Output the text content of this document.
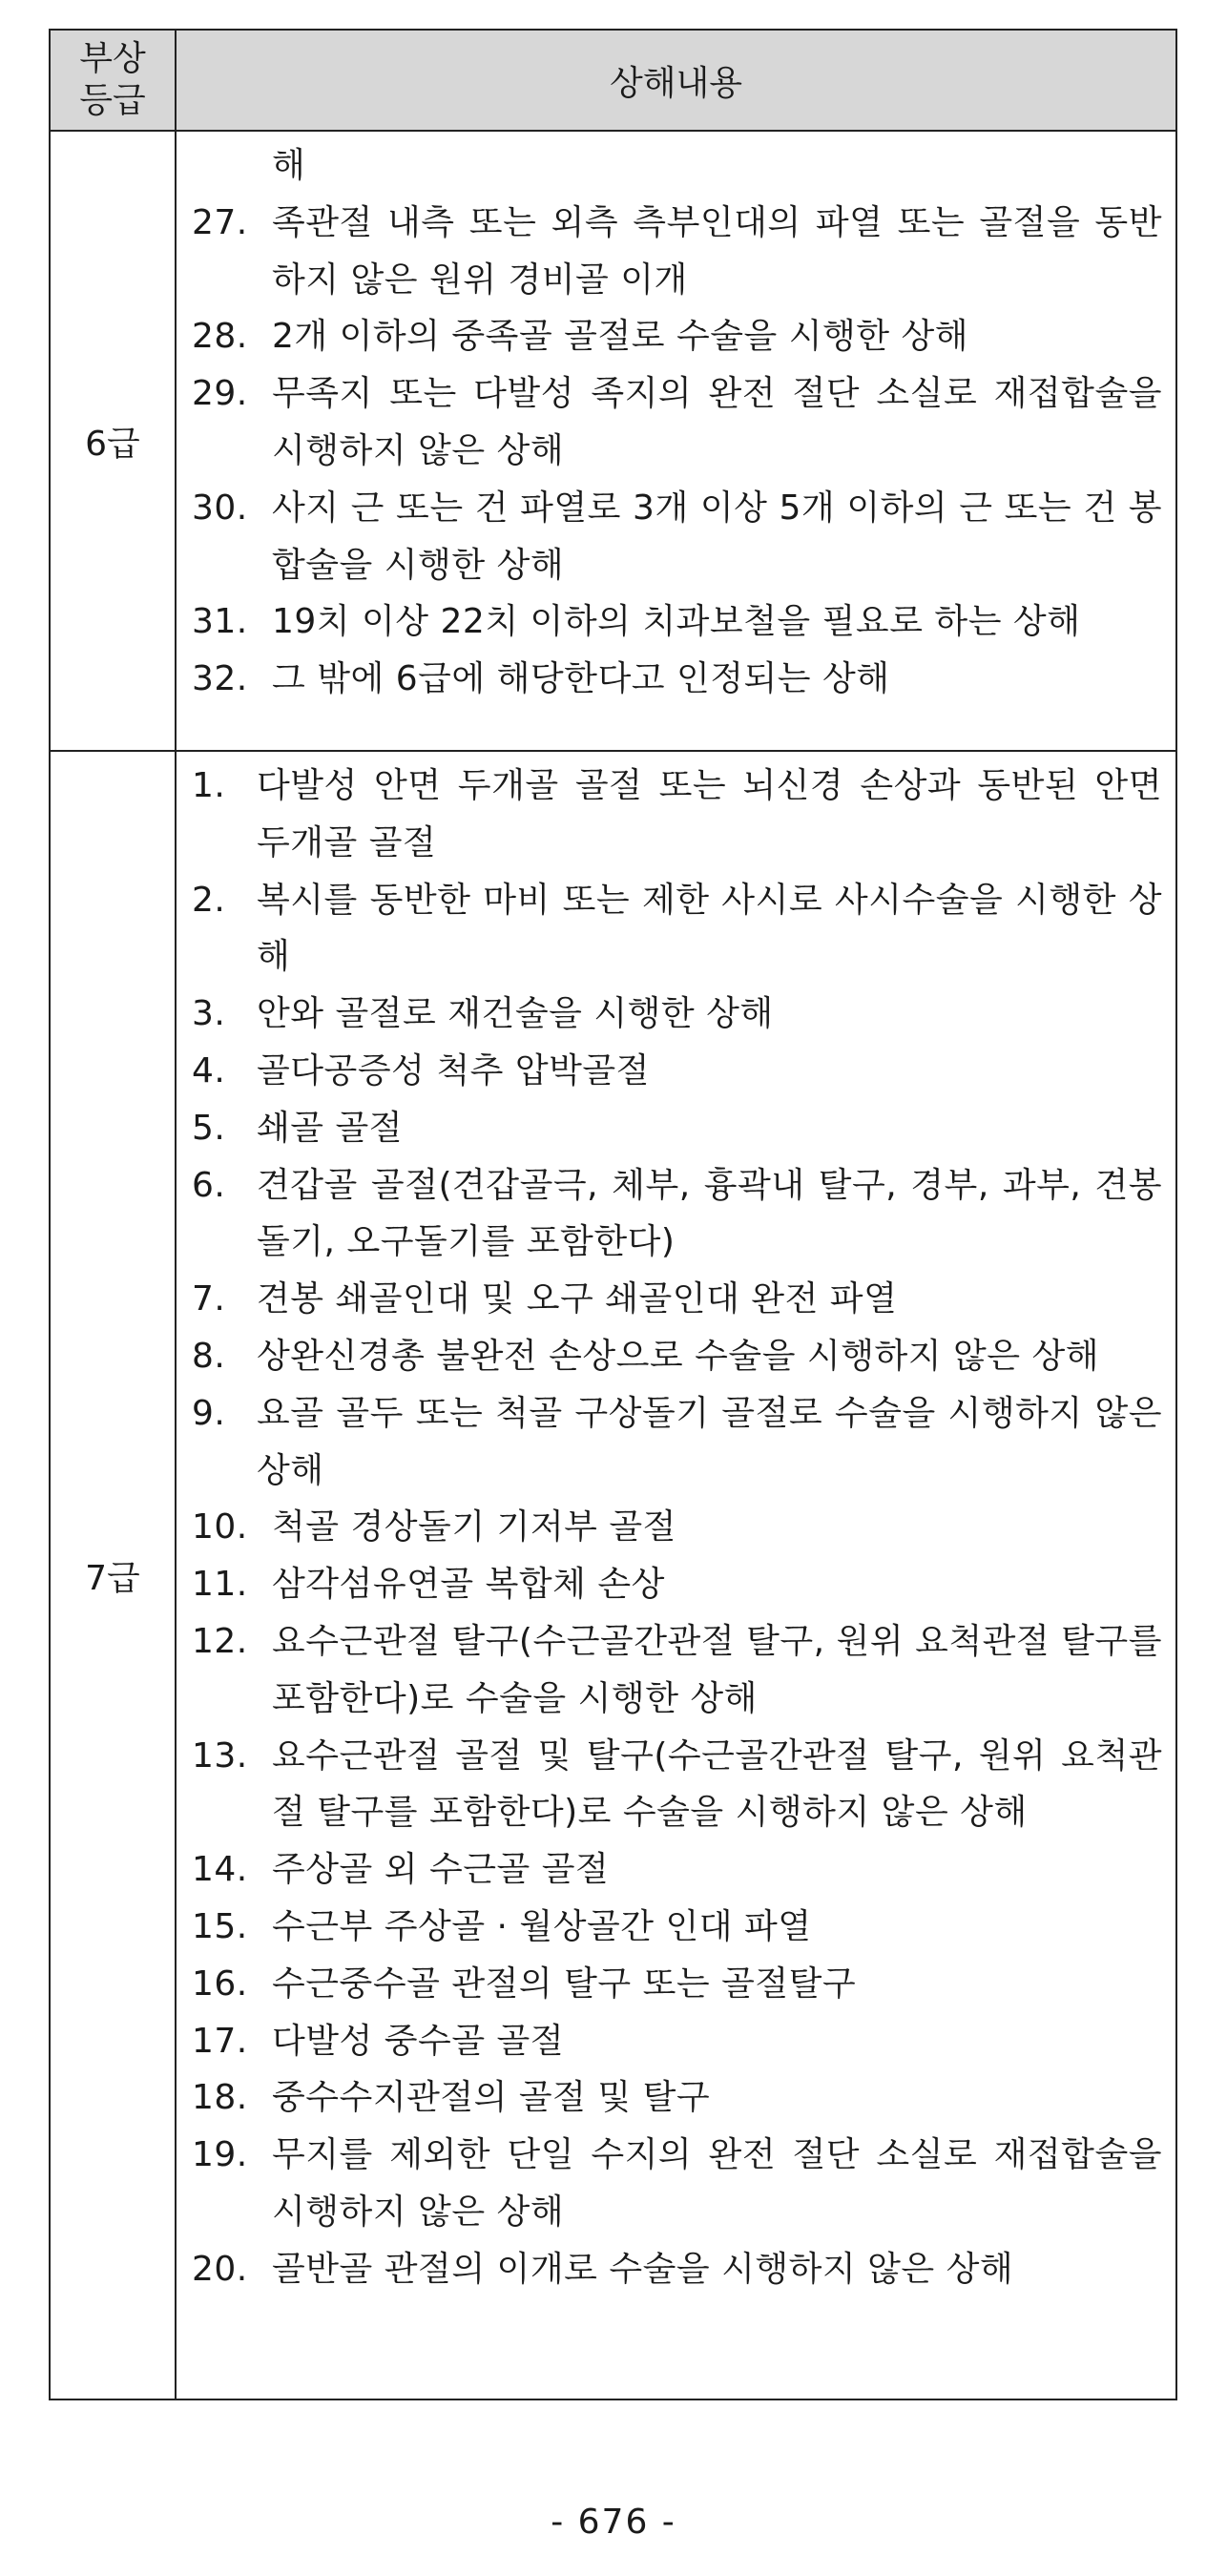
부상
등급	상해내용
6급
해
27. 족관절 내측 또는 외측 측부인대의 파열 또는 골절을 동반하지 않은 원위 경비골 이개
28. 2개 이하의 중족골 골절로 수술을 시행한 상해
29. 무족지 또는 다발성 족지의 완전 절단 소실로 재접합술을 시행하지 않은 상해
30. 사지 근 또는 건 파열로 3개 이상 5개 이하의 근 또는 건 봉합술을 시행한 상해
31. 19치 이상 22치 이하의 치과보철을 필요로 하는 상해
32. 그 밖에 6급에 해당한다고 인정되는 상해
7급
1. 다발성 안면 두개골 골절 또는 뇌신경 손상과 동반된 안면 두개골 골절
2. 복시를 동반한 마비 또는 제한 사시로 사시수술을 시행한 상해
3. 안와 골절로 재건술을 시행한 상해
4. 골다공증성 척추 압박골절
5. 쇄골 골절
6. 견갑골 골절(견갑골극, 체부, 흉곽내 탈구, 경부, 과부, 견봉돌기, 오구돌기를 포함한다)
7. 견봉 쇄골인대 및 오구 쇄골인대 완전 파열
8. 상완신경총 불완전 손상으로 수술을 시행하지 않은 상해
9. 요골 골두 또는 척골 구상돌기 골절로 수술을 시행하지 않은 상해
10. 척골 경상돌기 기저부 골절
11. 삼각섬유연골 복합체 손상
12. 요수근관절 탈구(수근골간관절 탈구, 원위 요척관절 탈구를 포함한다)로 수술을 시행한 상해
13. 요수근관절 골절 및 탈구(수근골간관절 탈구, 원위 요척관절 탈구를 포함한다)로 수술을 시행하지 않은 상해
14. 주상골 외 수근골 골절
15. 수근부 주상골 · 월상골간 인대 파열
16. 수근중수골 관절의 탈구 또는 골절탈구
17. 다발성 중수골 골절
18. 중수수지관절의 골절 및 탈구
19. 무지를 제외한 단일 수지의 완전 절단 소실로 재접합술을 시행하지 않은 상해
20. 골반골 관절의 이개로 수술을 시행하지 않은 상해
- 676 -
